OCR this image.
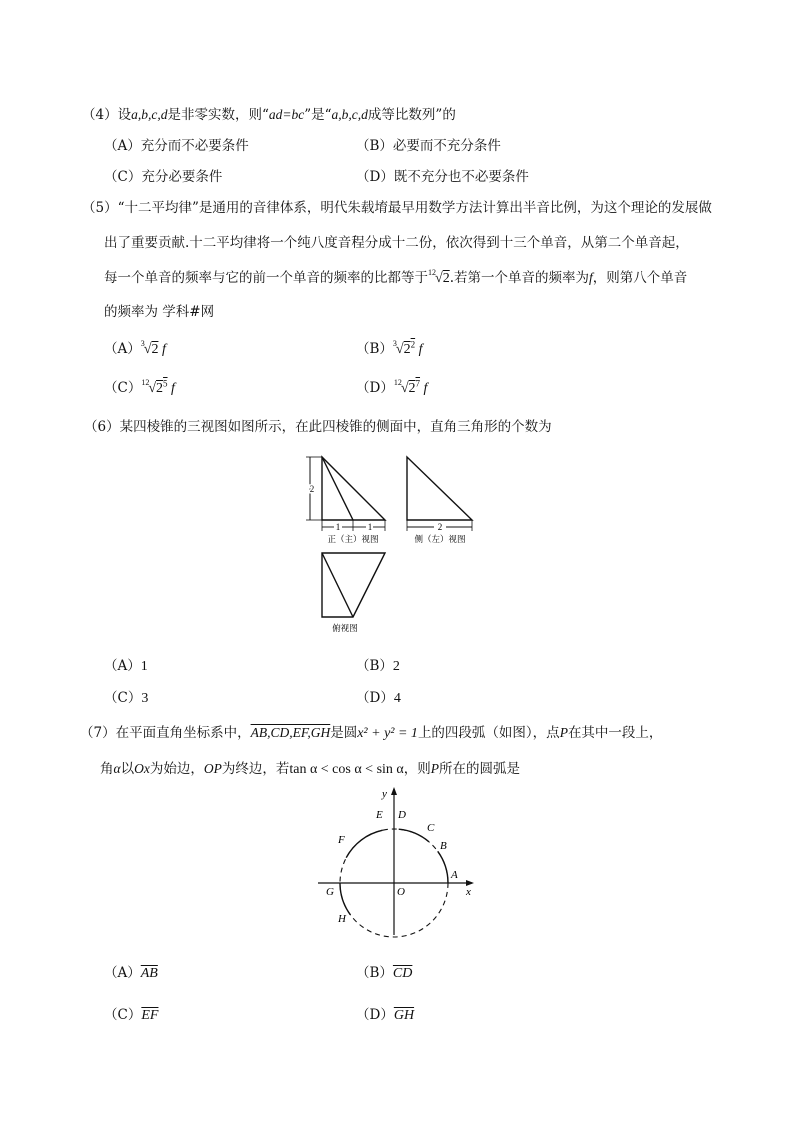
（4）设a,b,c,d是非零实数，则“ad=bc”是“a,b,c,d成等比数列”的
（A）充分而不必要条件	（B）必要而不充分条件
（C）充分必要条件	（D）既不充分也不必要条件
（5）“十二平均律”是通用的音律体系，明代朱载堉最早用数学方法计算出半音比例，为这个理论的发展做
出了重要贡献.十二平均律将一个纯八度音程分成十二份，依次得到十三个单音，从第二个单音起，
每一个单音的频率与它的前一个单音的频率的比都等于$^{12}$√2.若第一个单音的频率为f，则第八个单音
的频率为 学科#网
$(A)^3√2$ f	$(B)^3√2^2$ f
$(C)^{12}√2^5$ f	$(D)^{12}√2^7$ f
（6）某四棱锥的三视图如图所示，在此四棱锥的侧面中，直角三角形的个数为
2
1	1
正（主）视图
2
侧（左）视图
俯视图
（A）1	（B）2
（C）3	（D）4
（7）在平面直角坐标系中，AB,CD,EF,GH是圆x² + y² = 1上的四段弧（如图），点P在其中一段上，
角α以Ox为始边，OP为终边，若tan α < cos α < sin α，则P所在的圆弧是
y
x
O
A
B
C
D
E
F
G
H
$(A)\overline{AB}$	$(B)\overline{CD}$
$(C)\overline{EF}$	$(D)\overline{GH}$
